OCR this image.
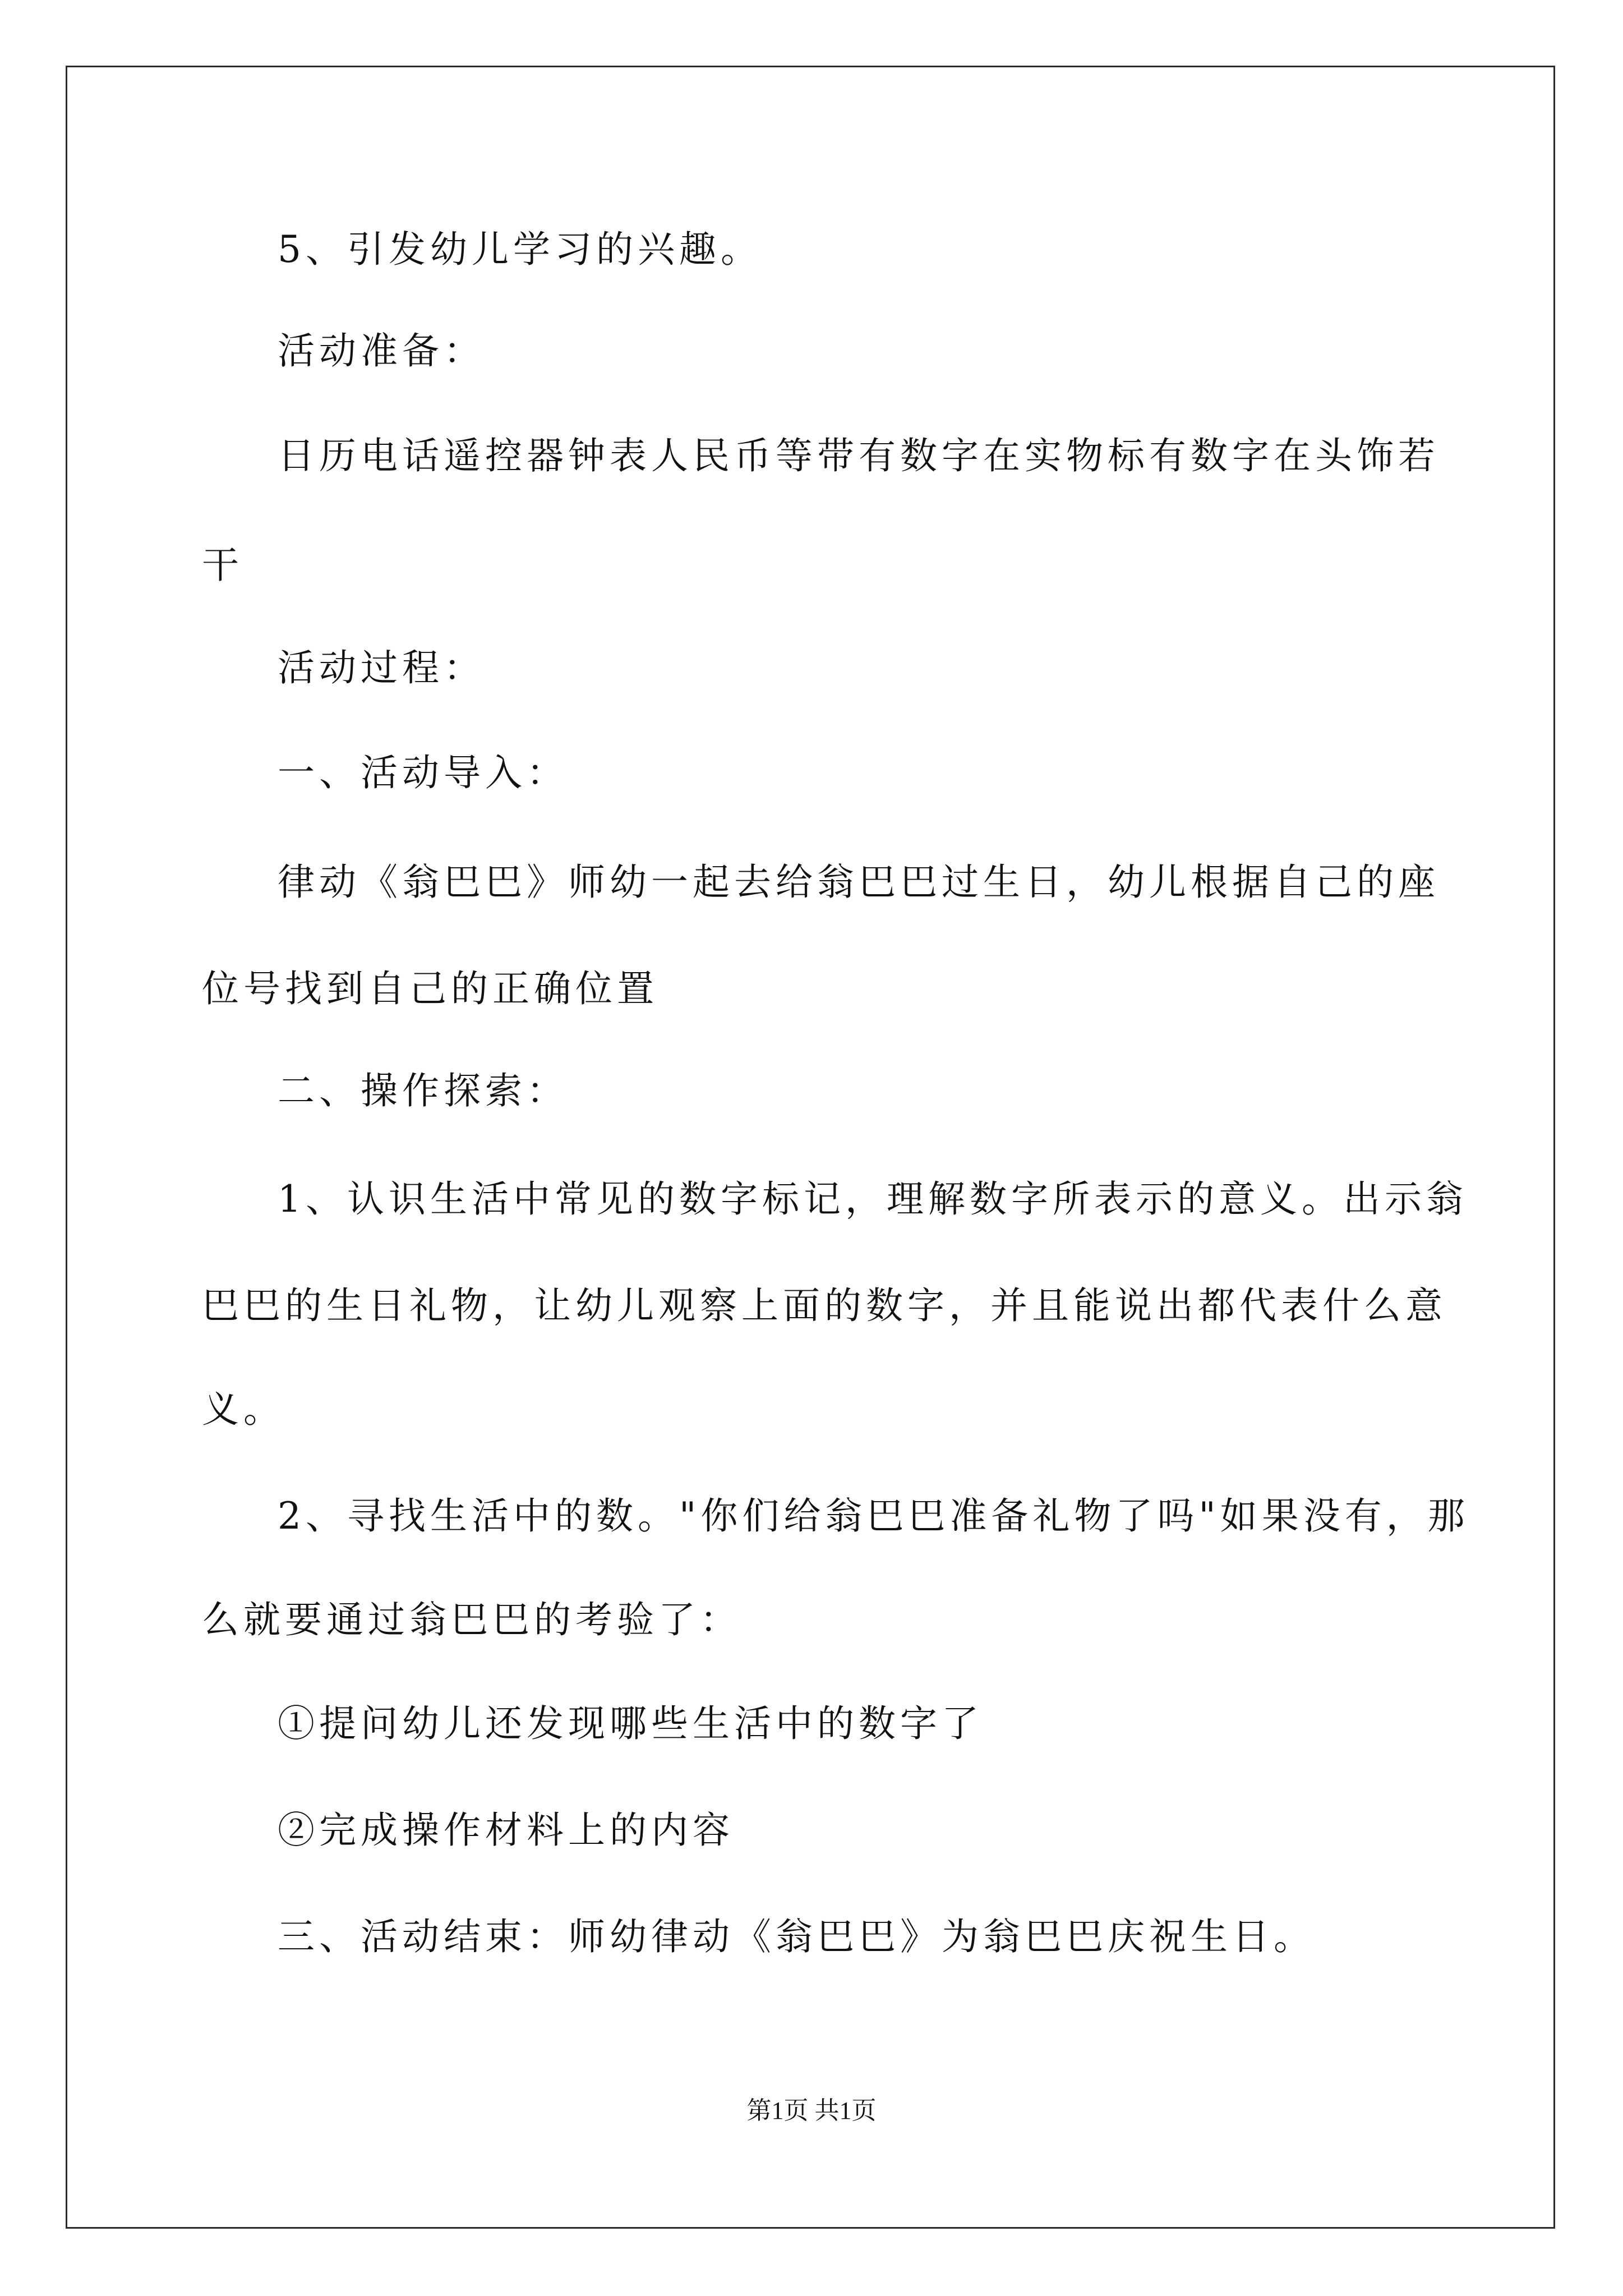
5、引发幼儿学习的兴趣。
活动准备：
日历电话遥控器钟表人民币等带有数字在实物标有数字在头饰若
干
活动过程：
一、活动导入：
律动《翁巴巴》师幼一起去给翁巴巴过生日，幼儿根据自己的座
位号找到自己的正确位置
二、操作探索：
1、认识生活中常见的数字标记，理解数字所表示的意义。出示翁
巴巴的生日礼物，让幼儿观察上面的数字，并且能说出都代表什么意
义。
2、寻找生活中的数。"你们给翁巴巴准备礼物了吗"如果没有，那
么就要通过翁巴巴的考验了：
①提问幼儿还发现哪些生活中的数字了
②完成操作材料上的内容
三、活动结束：师幼律动《翁巴巴》为翁巴巴庆祝生日。
第1页 共1页
